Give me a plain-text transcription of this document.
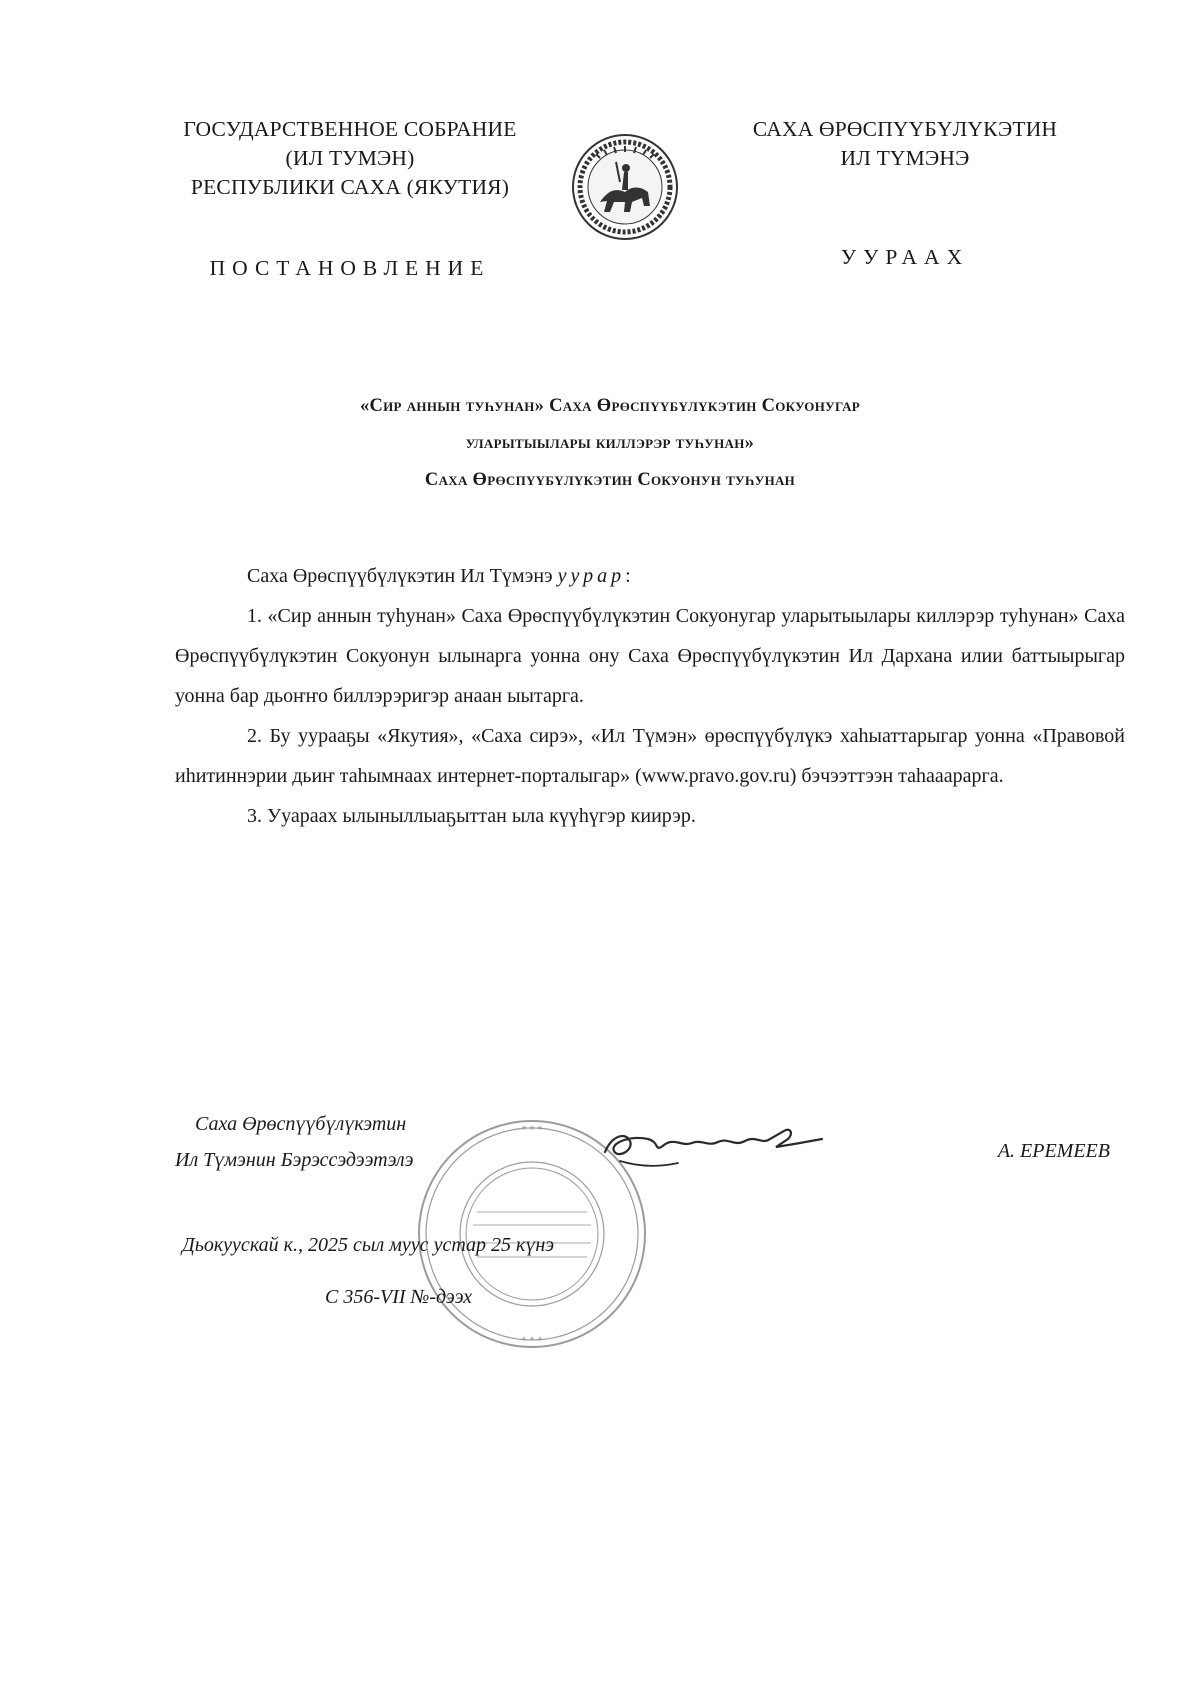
ГОСУДАРСТВЕННОЕ СОБРАНИЕ
(ИЛ ТУМЭН)
РЕСПУБЛИКИ САХА (ЯКУТИЯ)
ПОСТАНОВЛЕНИЕ
САХА ӨРӨСПҮҮБҮЛҮКЭТИН
ИЛ ТҮМЭНЭ
УУРААХ
«Сир аннын туһунан» Саха Өрөспүүбүлүкэтин Сокуонугар
уларытыылары киллэрэр туһунан»
Саха Өрөспүүбүлүкэтин Сокуонун туһунан

Саха Өрөспүүбүлүкэтин Ил Түмэнэ уурар:

1. «Сир аннын туһунан» Саха Өрөспүүбүлүкэтин Сокуонугар уларытыылары киллэрэр туһунан» Саха Өрөспүүбүлүкэтин Сокуонун ылынарга уонна ону Саха Өрөспүүбүлүкэтин Ил Дархана илии баттыырыгар уонна бар дьоҥҥо биллэрэригэр анаан ыытарга.

2. Бу уурааҕы «Якутия», «Саха сирэ», «Ил Түмэн» өрөспүүбүлүкэ хаһыаттарыгар уонна «Правовой иһитиннэрии дьиҥ таһымнаах интернет-порталыгар» (www.pravo.gov.ru) бэчээттээн таһааарарга.

3. Ууараах ылыныллыаҕыттан ыла күүһүгэр киирэр.

Саха Өрөспүүбүлүкэтин
Ил Түмэнин Бэрэссэдээтэлэ
* * *
* * *
А. ЕРЕМЕЕВ
Дьокуускай к., 2025 сыл муус устар 25 күнэ
С 356-VII №-дээх
